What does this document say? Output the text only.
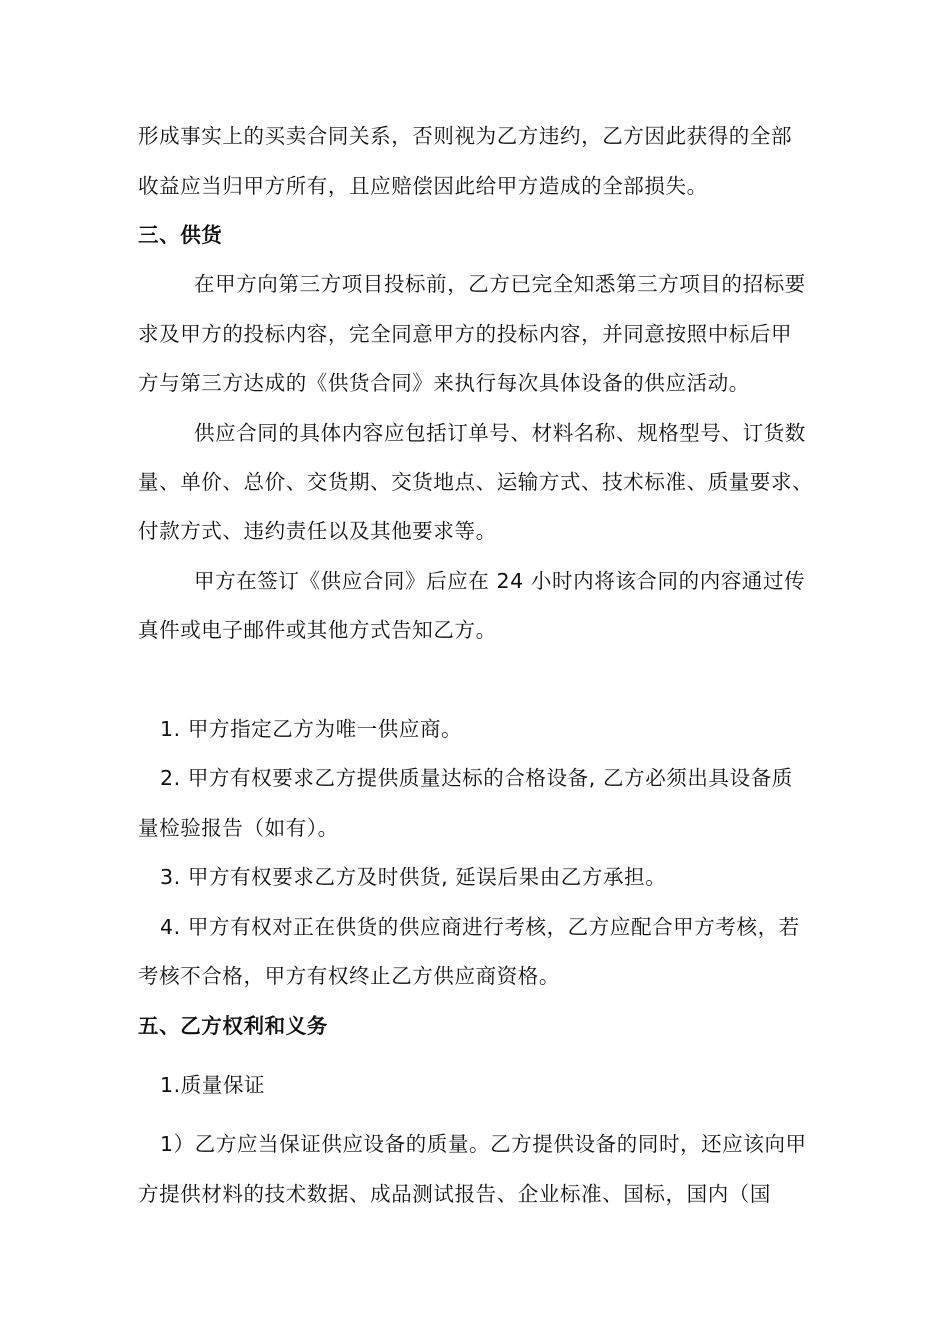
形成事实上的买卖合同关系，否则视为乙方违约，乙方因此获得的全部
收益应当归甲方所有，且应赔偿因此给甲方造成的全部损失。
三、供货
在甲方向第三方项目投标前，乙方已完全知悉第三方项目的招标要
求及甲方的投标内容，完全同意甲方的投标内容，并同意按照中标后甲
方与第三方达成的《供货合同》来执行每次具体设备的供应活动。
供应合同的具体内容应包括订单号、材料名称、规格型号、订货数
量、单价、总价、交货期、交货地点、运输方式、技术标准、质量要求、
付款方式、违约责任以及其他要求等。
甲方在签订《供应合同》后应在 24 小时内将该合同的内容通过传
真件或电子邮件或其他方式告知乙方。
1. 甲方指定乙方为唯一供应商。
2. 甲方有权要求乙方提供质量达标的合格设备, 乙方必须出具设备质
量检验报告（如有）。
3. 甲方有权要求乙方及时供货, 延误后果由乙方承担。
4. 甲方有权对正在供货的供应商进行考核，乙方应配合甲方考核，若
考核不合格，甲方有权终止乙方供应商资格。
五、乙方权利和义务
1.质量保证
1）乙方应当保证供应设备的质量。乙方提供设备的同时，还应该向甲
方提供材料的技术数据、成品测试报告、企业标准、国标，国内（国
